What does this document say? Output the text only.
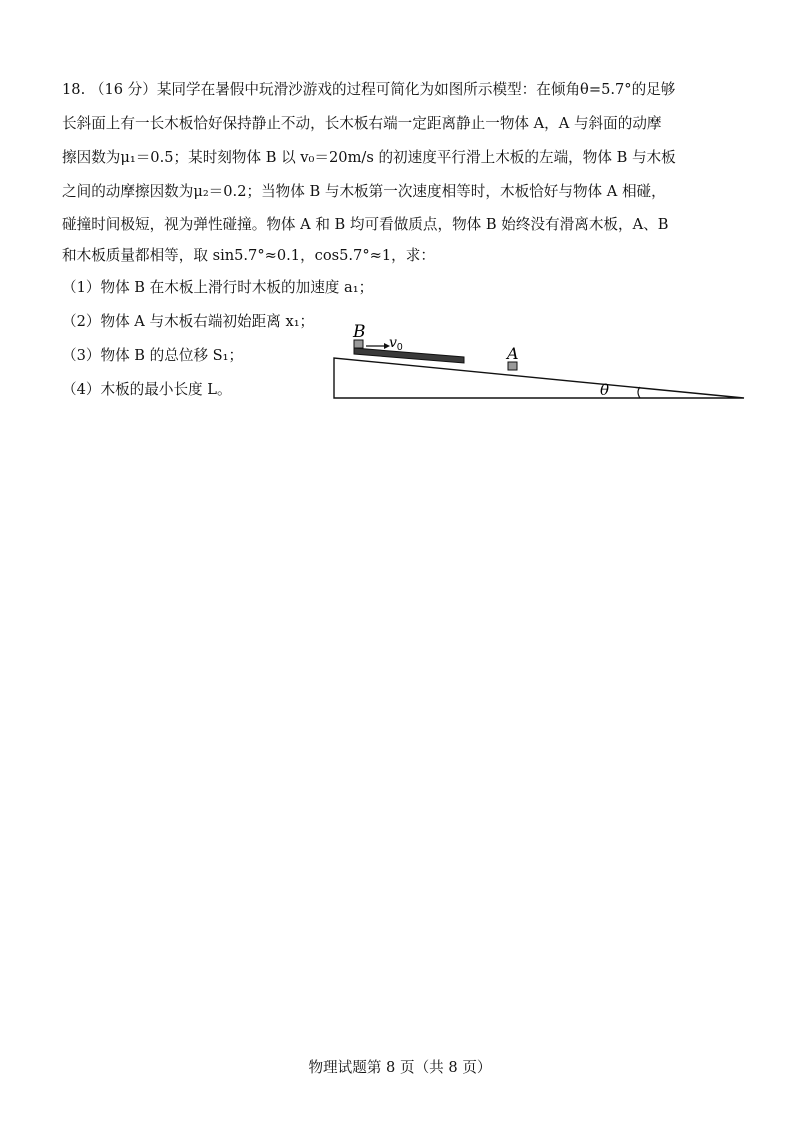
18. （16 分）某同学在暑假中玩滑沙游戏的过程可简化为如图所示模型：在倾角θ=5.7°的足够
长斜面上有一长木板恰好保持静止不动，长木板右端一定距离静止一物体 A，A 与斜面的动摩
擦因数为μ₁＝0.5；某时刻物体 B 以 v₀＝20m/s 的初速度平行滑上木板的左端，物体 B 与木板
之间的动摩擦因数为μ₂＝0.2；当物体 B 与木板第一次速度相等时，木板恰好与物体 A 相碰，
碰撞时间极短，视为弹性碰撞。物体 A 和 B 均可看做质点，物体 B 始终没有滑离木板，A、B
和木板质量都相等，取 sin5.7°≈0.1，cos5.7°≈1，求：
（1）物体 B 在木板上滑行时木板的加速度 a₁；
（2）物体 A 与木板右端初始距离 x₁；
（3）物体 B 的总位移 S₁；
（4）木板的最小长度 L。
B
v 0	A
θ
物理试题第 8 页（共 8 页）
